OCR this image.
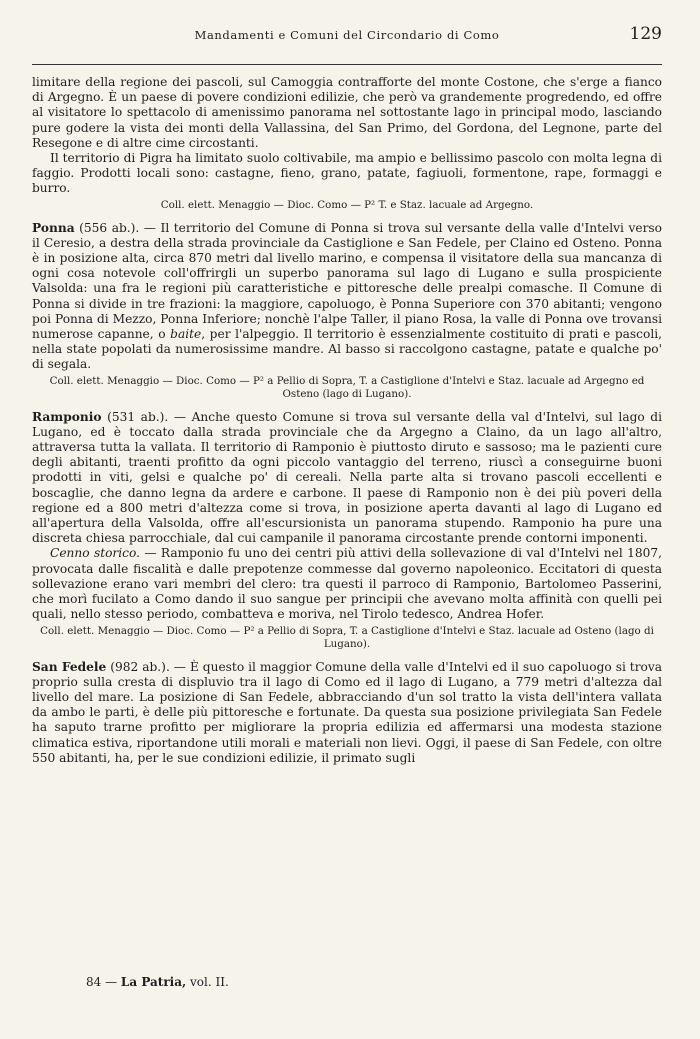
Mandamenti e Comuni del Circondario di Como	129

limitare della regione dei pascoli, sul Camoggia contrafforte del monte Costone, che s'erge a fianco di Argegno. È un paese di povere condizioni edilizie, che però va grandemente progredendo, ed offre al visitatore lo spettacolo di amenissimo panorama nel sottostante lago in principal modo, lasciando pure godere la vista dei monti della Vallassina, del San Primo, del Gordona, del Legnone, parte del Resegone e di altre cime circostanti.

Il territorio di Pigra ha limitato suolo coltivabile, ma ampio e bellissimo pascolo con molta legna di faggio. Prodotti locali sono: castagne, fieno, grano, patate, fagiuoli, formentone, rape, formaggi e burro.

Coll. elett. Menaggio — Dioc. Como — P² T. e Staz. lacuale ad Argegno.

Ponna (556 ab.). — Il territorio del Comune di Ponna si trova sul versante della valle d'Intelvi verso il Ceresio, a destra della strada provinciale da Castiglione e San Fedele, per Claino ed Osteno. Ponna è in posizione alta, circa 870 metri dal livello marino, e compensa il visitatore della sua mancanza di ogni cosa notevole coll'offrirgli un superbo panorama sul lago di Lugano e sulla prospiciente Valsolda: una fra le regioni più caratteristiche e pittoresche delle prealpi comasche. Il Comune di Ponna si divide in tre frazioni: la maggiore, capoluogo, è Ponna Superiore con 370 abitanti; vengono poi Ponna di Mezzo, Ponna Inferiore; nonchè l'alpe Taller, il piano Rosa, la valle di Ponna ove trovansi numerose capanne, o baite, per l'alpeggio. Il territorio è essenzialmente costituito di prati e pascoli, nella state popolati da numerosissime mandre. Al basso si raccolgono castagne, patate e qualche po' di segala.

Coll. elett. Menaggio — Dioc. Como — P² a Pellio di Sopra, T. a Castiglione d'Intelvi e Staz. lacuale ad Argegno ed Osteno (lago di Lugano).

Ramponio (531 ab.). — Anche questo Comune si trova sul versante della val d'Intelvi, sul lago di Lugano, ed è toccato dalla strada provinciale che da Argegno a Claino, da un lago all'altro, attraversa tutta la vallata. Il territorio di Ramponio è piuttosto diruto e sassoso; ma le pazienti cure degli abitanti, traenti profitto da ogni piccolo vantaggio del terreno, riuscì a conseguirne buoni prodotti in viti, gelsi e qualche po' di cereali. Nella parte alta si trovano pascoli eccellenti e boscaglie, che danno legna da ardere e carbone. Il paese di Ramponio non è dei più poveri della regione ed a 800 metri d'altezza come si trova, in posizione aperta davanti al lago di Lugano ed all'apertura della Valsolda, offre all'escursionista un panorama stupendo. Ramponio ha pure una discreta chiesa parrocchiale, dal cui campanile il panorama circostante prende contorni imponenti.

Cenno storico. — Ramponio fu uno dei centri più attivi della sollevazione di val d'Intelvi nel 1807, provocata dalle fiscalità e dalle prepotenze commesse dal governo napoleonico. Eccitatori di questa sollevazione erano vari membri del clero: tra questi il parroco di Ramponio, Bartolomeo Passerini, che morì fucilato a Como dando il suo sangue per principii che avevano molta affinità con quelli pei quali, nello stesso periodo, combatteva e moriva, nel Tirolo tedesco, Andrea Hofer.

Coll. elett. Menaggio — Dioc. Como — P² a Pellio di Sopra, T. a Castiglione d'Intelvi e Staz. lacuale ad Osteno (lago di Lugano).

San Fedele (982 ab.). — È questo il maggior Comune della valle d'Intelvi ed il suo capoluogo si trova proprio sulla cresta di displuvio tra il lago di Como ed il lago di Lugano, a 779 metri d'altezza dal livello del mare. La posizione di San Fedele, abbracciando d'un sol tratto la vista dell'intera vallata da ambo le parti, è delle più pittoresche e fortunate. Da questa sua posizione privilegiata San Fedele ha saputo trarne profitto per migliorare la propria edilizia ed affermarsi una modesta stazione climatica estiva, riportandone utili morali e materiali non lievi. Oggi, il paese di San Fedele, con oltre 550 abitanti, ha, per le sue condizioni edilizie, il primato sugli

84 — La Patria, vol. II.
